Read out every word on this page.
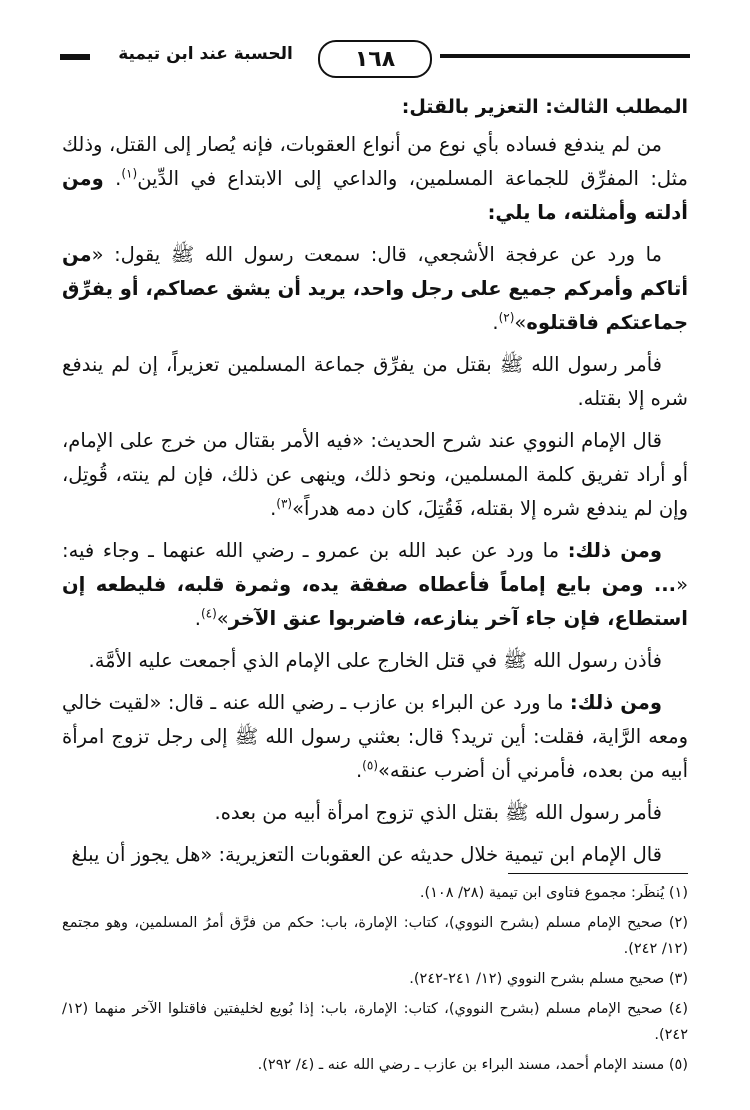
الحسبة عند ابن تيمية	١٦٨
المطلب الثالث: التعزير بالقتل:

من لم يندفع فساده بأي نوع من أنواع العقوبات، فإنه يُصار إلى القتل، وذلك مثل: المفرِّق للجماعة المسلمين، والداعي إلى الابتداع في الدِّين$^{(١)}$. ومن أدلته وأمثلته، ما يلي:

ما ورد عن عرفجة الأشجعي، قال: سمعت رسول الله ﷺ يقول: «من أتاكم وأمركم جميع على رجل واحد، يريد أن يشق عصاكم، أو يفرِّق جماعتكم فاقتلوه»$^{(٢)}$.

فأمر رسول الله ﷺ بقتل من يفرِّق جماعة المسلمين تعزيراً، إن لم يندفع شره إلا بقتله.

قال الإمام النووي عند شرح الحديث: «فيه الأمر بقتال من خرج على الإمام، أو أراد تفريق كلمة المسلمين، ونحو ذلك، وينهى عن ذلك، فإن لم ينته، قُوتِل، وإن لم يندفع شره إلا بقتله، فَقُتِلَ، كان دمه هدراً»$^{(٣)}$.

ومن ذلك: ما ورد عن عبد الله بن عمرو ـ رضي الله عنهما ـ وجاء فيه: «... ومن بايع إماماً فأعطاه صفقة يده، وثمرة قلبه، فليطعه إن استطاع، فإن جاء آخر ينازعه، فاضربوا عنق الآخر»$^{(٤)}$.

فأذن رسول الله ﷺ في قتل الخارج على الإمام الذي أجمعت عليه الأمَّة.

ومن ذلك: ما ورد عن البراء بن عازب ـ رضي الله عنه ـ قال: «لقيت خالي ومعه الرَّاية، فقلت: أين تريد؟ قال: بعثني رسول الله ﷺ إلى رجل تزوج امرأة أبيه من بعده، فأمرني أن أضرب عنقه»$^{(٥)}$.

فأمر رسول الله ﷺ بقتل الذي تزوج امرأة أبيه من بعده.

قال الإمام ابن تيمية خلال حديثه عن العقوبات التعزيرية: «هل يجوز أن يبلغ

(١) يُنظَر: مجموع فتاوى ابن تيمية (٢٨/ ١٠٨).

(٢) صحيح الإمام مسلم (بشرح النووي)، كتاب: الإمارة، باب: حكم من فرَّق أمرُ المسلمين، وهو مجتمع (١٢/ ٢٤٢).

(٣) صحيح مسلم بشرح النووي (١٢/ ٢٤١-٢٤٢).

(٤) صحيح الإمام مسلم (بشرح النووي)، كتاب: الإمارة، باب: إذا بُويع لخليفتين فاقتلوا الآخر منهما (١٢/ ٢٤٢).

(٥) مسند الإمام أحمد، مسند البراء بن عازب ـ رضي الله عنه ـ (٤/ ٢٩٢).
